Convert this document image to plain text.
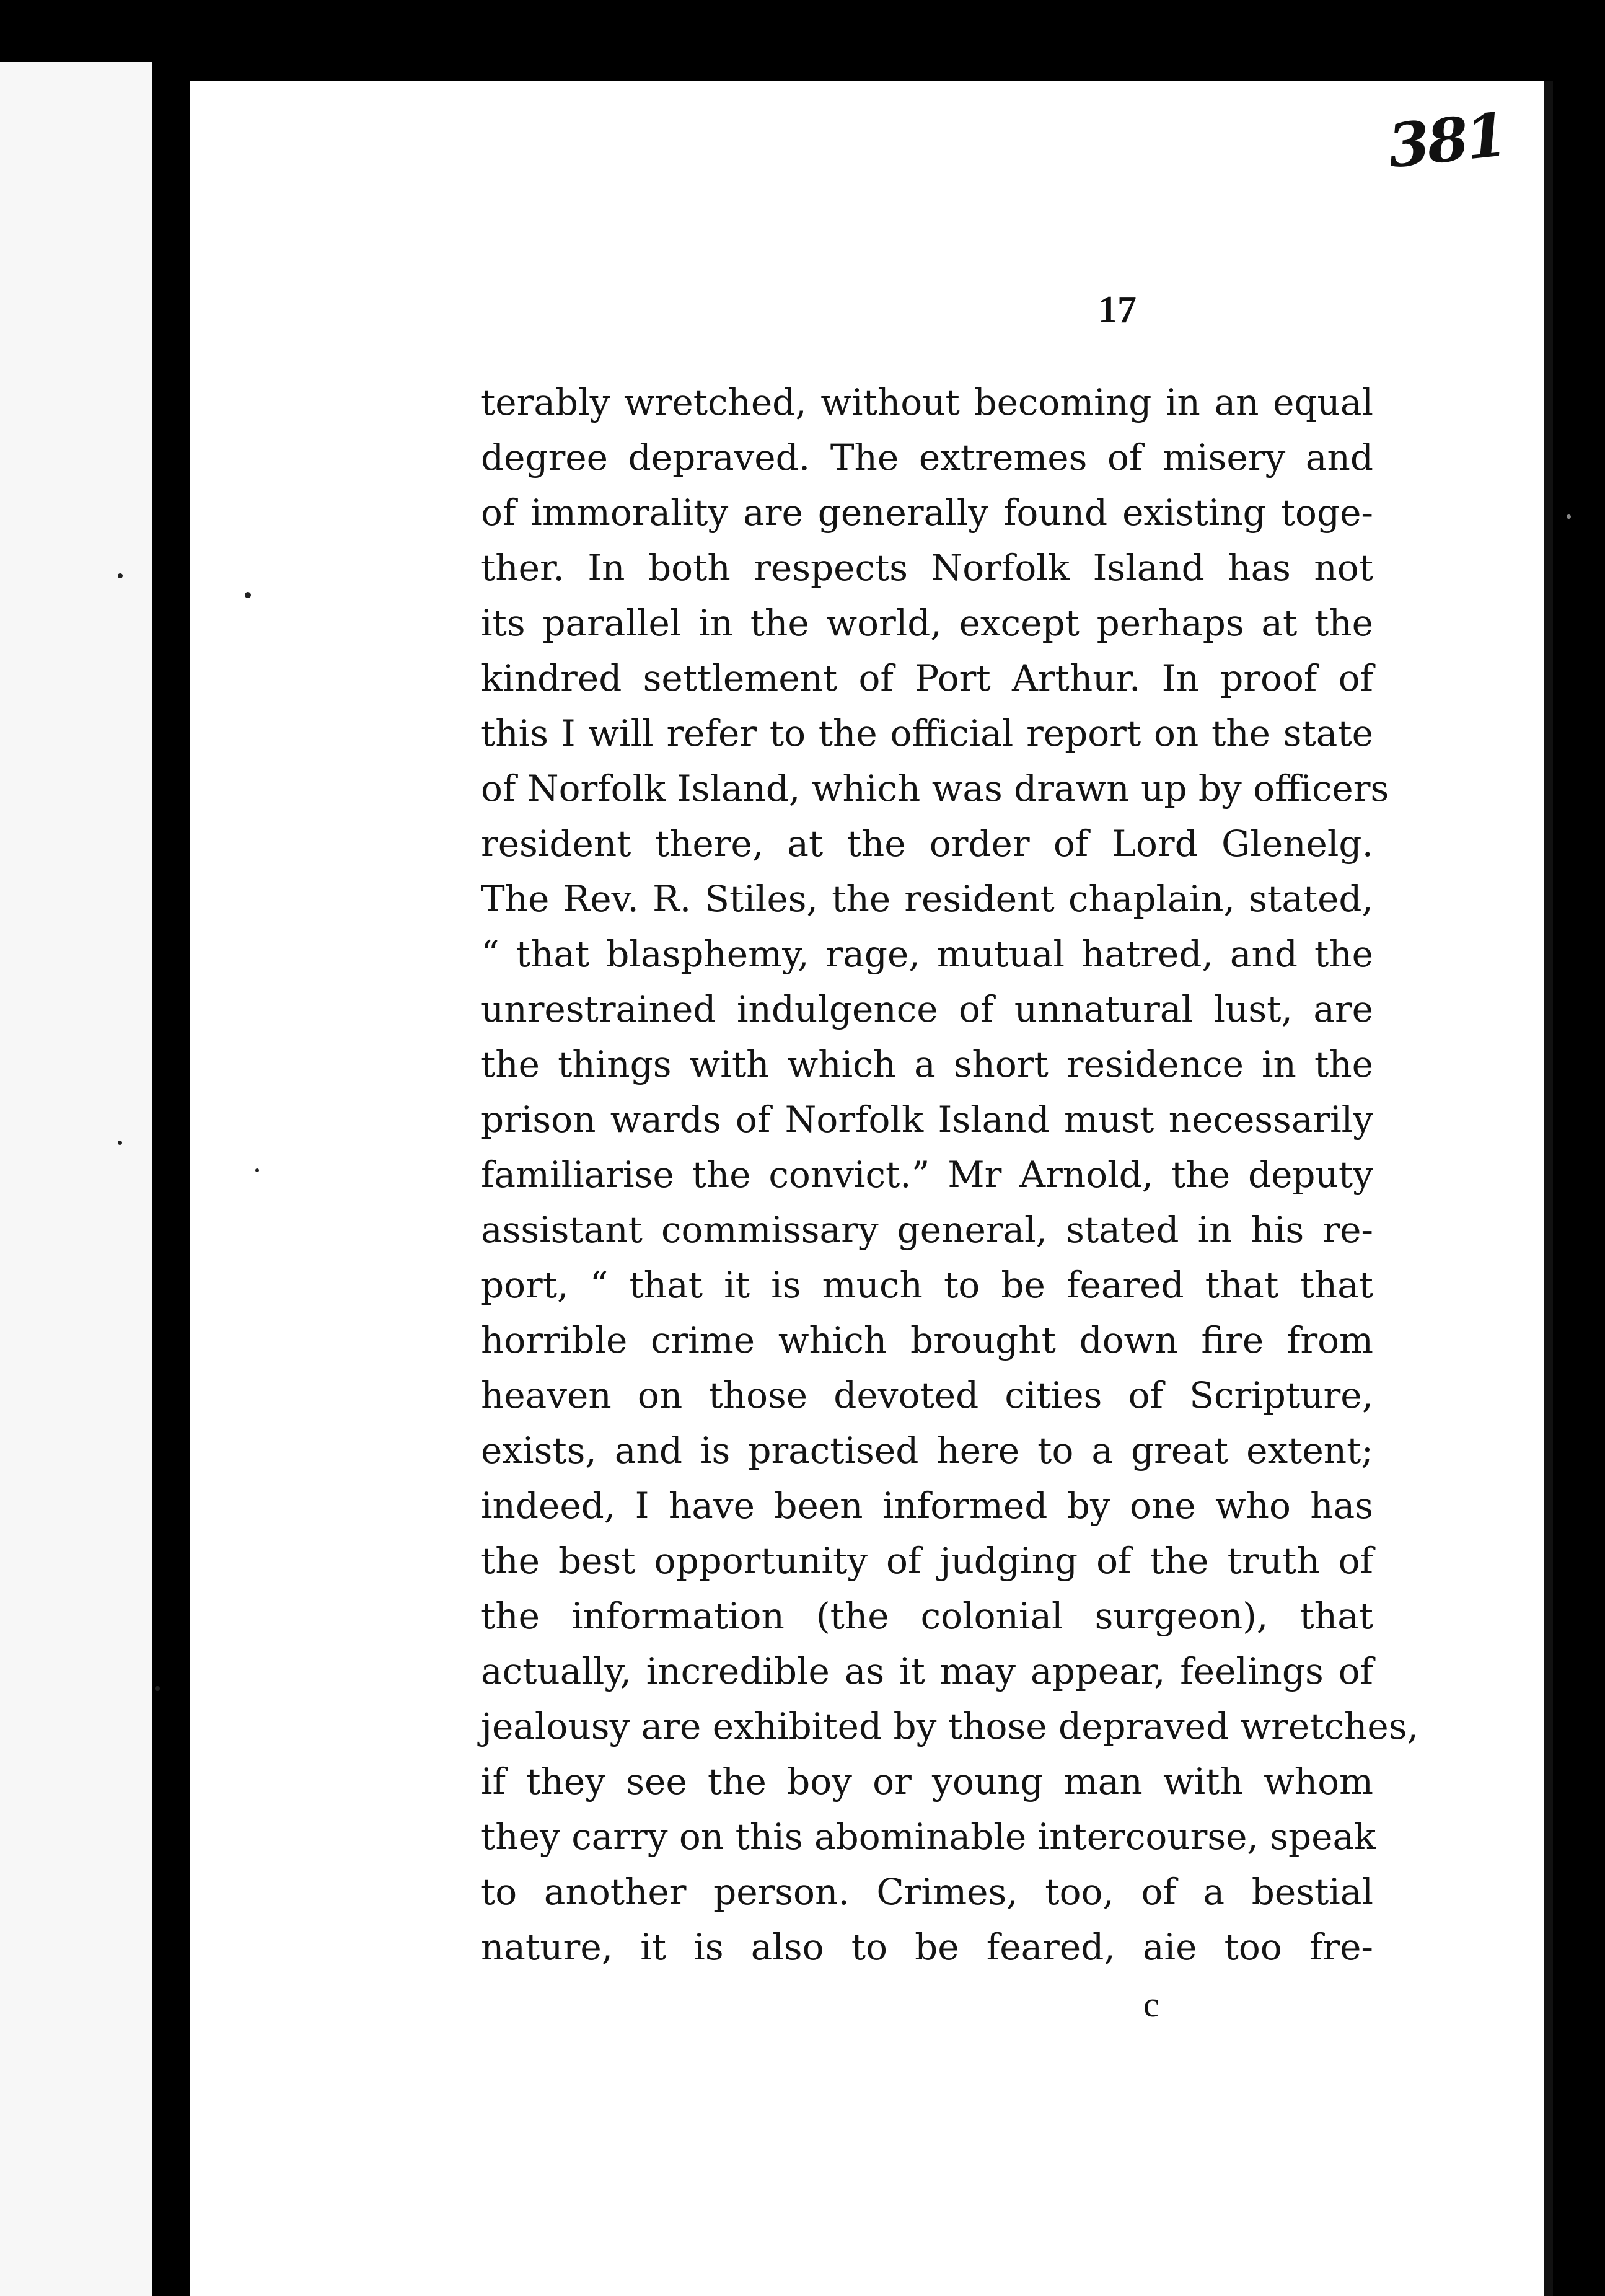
381
17
terably wretched, without becoming in an equal
degree depraved. The extremes of misery and
of immorality are generally found existing toge-
ther. In both respects Norfolk Island has not
its parallel in the world, except perhaps at the
kindred settlement of Port Arthur. In proof of
this I will refer to the official report on the state
of Norfolk Island, which was drawn up by officers
resident there, at the order of Lord Glenelg.
The Rev. R. Stiles, the resident chaplain, stated,
“ that blasphemy, rage, mutual hatred, and the
unrestrained indulgence of unnatural lust, are
the things with which a short residence in the
prison wards of Norfolk Island must necessarily
familiarise the convict.” Mr Arnold, the deputy
assistant commissary general, stated in his re-
port, “ that it is much to be feared that that
horrible crime which brought down fire from
heaven on those devoted cities of Scripture,
exists, and is practised here to a great extent;
indeed, I have been informed by one who has
the best opportunity of judging of the truth of
the information (the colonial surgeon), that
actually, incredible as it may appear, feelings of
jealousy are exhibited by those depraved wretches,
if they see the boy or young man with whom
they carry on this abominable intercourse, speak
to another person. Crimes, too, of a bestial
nature, it is also to be feared, aie too fre-
c
